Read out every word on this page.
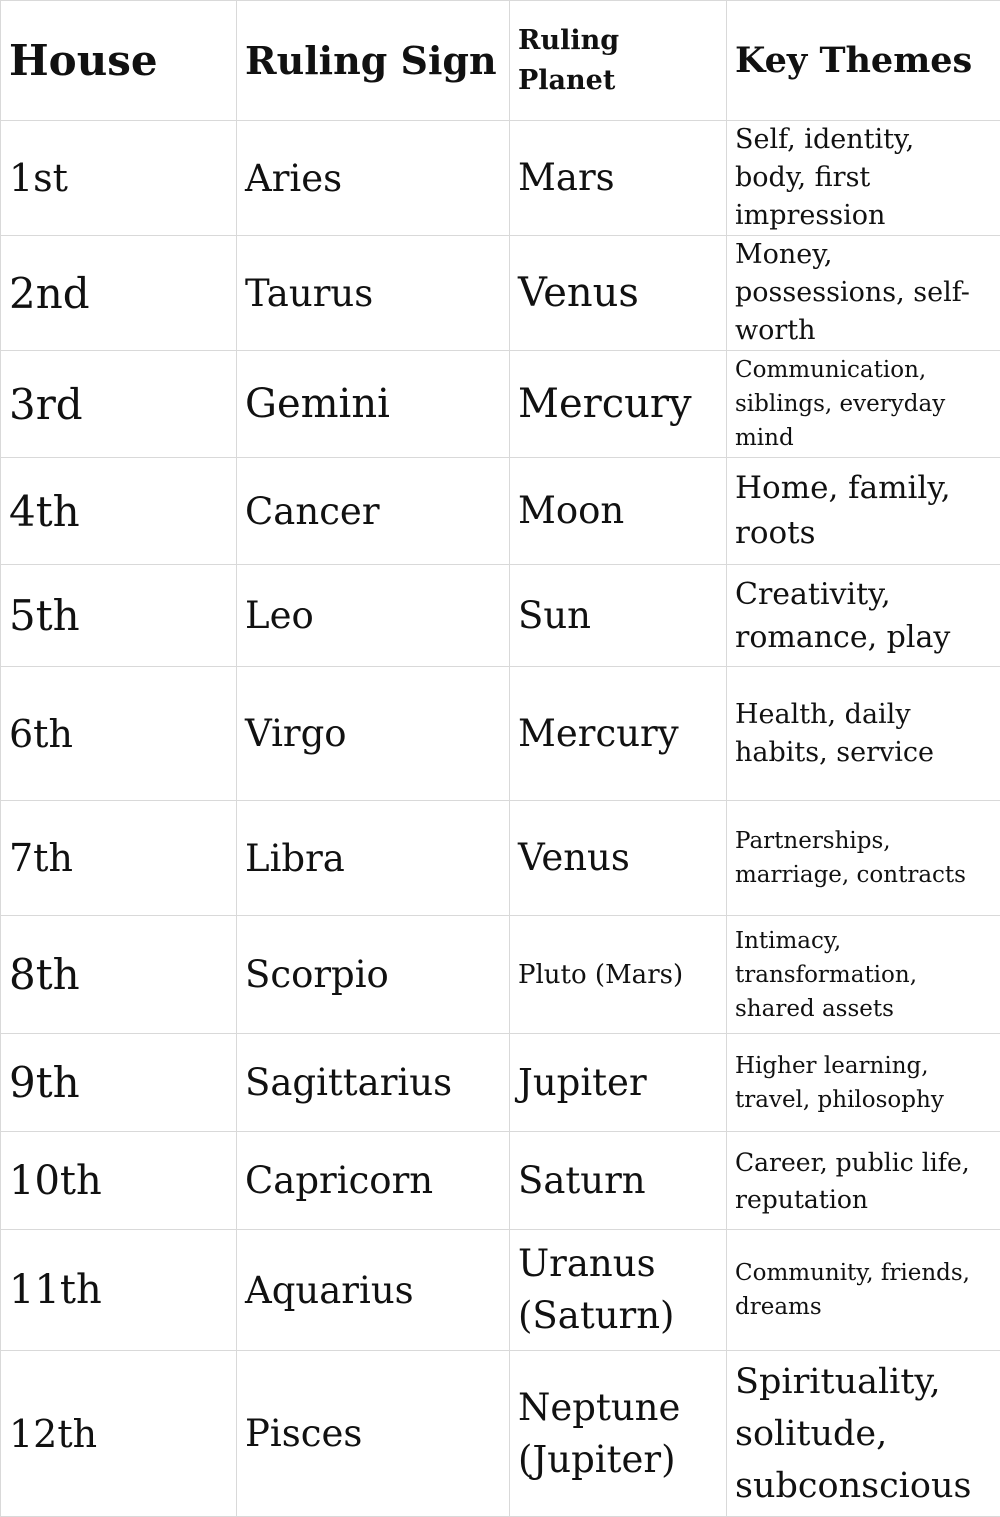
House	Ruling Sign	Ruling Planet	Key Themes
1st	Aries	Mars	Self, identity, body, first impression
2nd	Taurus	Venus	Money, possessions, self-worth
3rd	Gemini	Mercury	Communication, siblings, everyday mind
4th	Cancer	Moon	Home, family, roots
5th	Leo	Sun	Creativity, romance, play
6th	Virgo	Mercury	Health, daily habits, service
7th	Libra	Venus	Partnerships, marriage, contracts
8th	Scorpio	Pluto (Mars)	Intimacy, transformation, shared assets
9th	Sagittarius	Jupiter	Higher learning, travel, philosophy
10th	Capricorn	Saturn	Career, public life, reputation
11th	Aquarius	Uranus (Saturn)	Community, friends, dreams
12th	Pisces	Neptune (Jupiter)	Spirituality, solitude, subconscious
